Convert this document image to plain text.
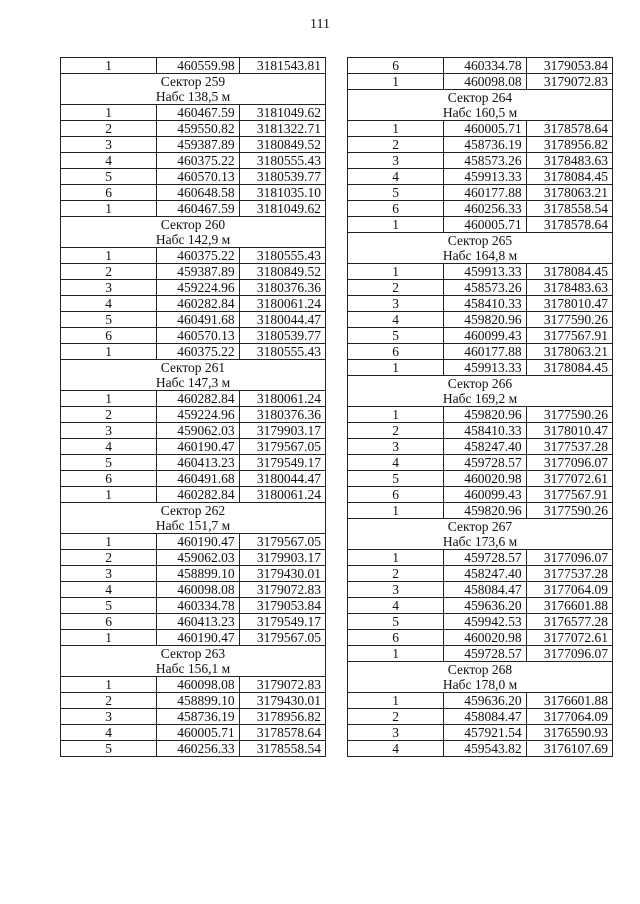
111
1	460559.98	3181543.81

Сектор 259
Набс 138,5 м		

1	460467.59	3181049.62
2	459550.82	3181322.71
3	459387.89	3180849.52
4	460375.22	3180555.43
5	460570.13	3180539.77
6	460648.58	3181035.10
1	460467.59	3181049.62

Сектор 260
Набс 142,9 м		

1	460375.22	3180555.43
2	459387.89	3180849.52
3	459224.96	3180376.36
4	460282.84	3180061.24
5	460491.68	3180044.47
6	460570.13	3180539.77
1	460375.22	3180555.43

Сектор 261
Набс 147,3 м		

1	460282.84	3180061.24
2	459224.96	3180376.36
3	459062.03	3179903.17
4	460190.47	3179567.05
5	460413.23	3179549.17
6	460491.68	3180044.47
1	460282.84	3180061.24

Сектор 262
Набс 151,7 м		

1	460190.47	3179567.05
2	459062.03	3179903.17
3	458899.10	3179430.01
4	460098.08	3179072.83
5	460334.78	3179053.84
6	460413.23	3179549.17
1	460190.47	3179567.05

Сектор 263
Набс 156,1 м		

1	460098.08	3179072.83
2	458899.10	3179430.01
3	458736.19	3178956.82
4	460005.71	3178578.64
5	460256.33	3178558.54
6	460334.78	3179053.84
1	460098.08	3179072.83

Сектор 264
Набс 160,5 м		

1	460005.71	3178578.64
2	458736.19	3178956.82
3	458573.26	3178483.63
4	459913.33	3178084.45
5	460177.88	3178063.21
6	460256.33	3178558.54
1	460005.71	3178578.64

Сектор 265
Набс 164,8 м		

1	459913.33	3178084.45
2	458573.26	3178483.63
3	458410.33	3178010.47
4	459820.96	3177590.26
5	460099.43	3177567.91
6	460177.88	3178063.21
1	459913.33	3178084.45

Сектор 266
Набс 169,2 м		

1	459820.96	3177590.26
2	458410.33	3178010.47
3	458247.40	3177537.28
4	459728.57	3177096.07
5	460020.98	3177072.61
6	460099.43	3177567.91
1	459820.96	3177590.26

Сектор 267
Набс 173,6 м		

1	459728.57	3177096.07
2	458247.40	3177537.28
3	458084.47	3177064.09
4	459636.20	3176601.88
5	459942.53	3176577.28
6	460020.98	3177072.61
1	459728.57	3177096.07

Сектор 268
Набс 178,0 м		

1	459636.20	3176601.88
2	458084.47	3177064.09
3	457921.54	3176590.93
4	459543.82	3176107.69
